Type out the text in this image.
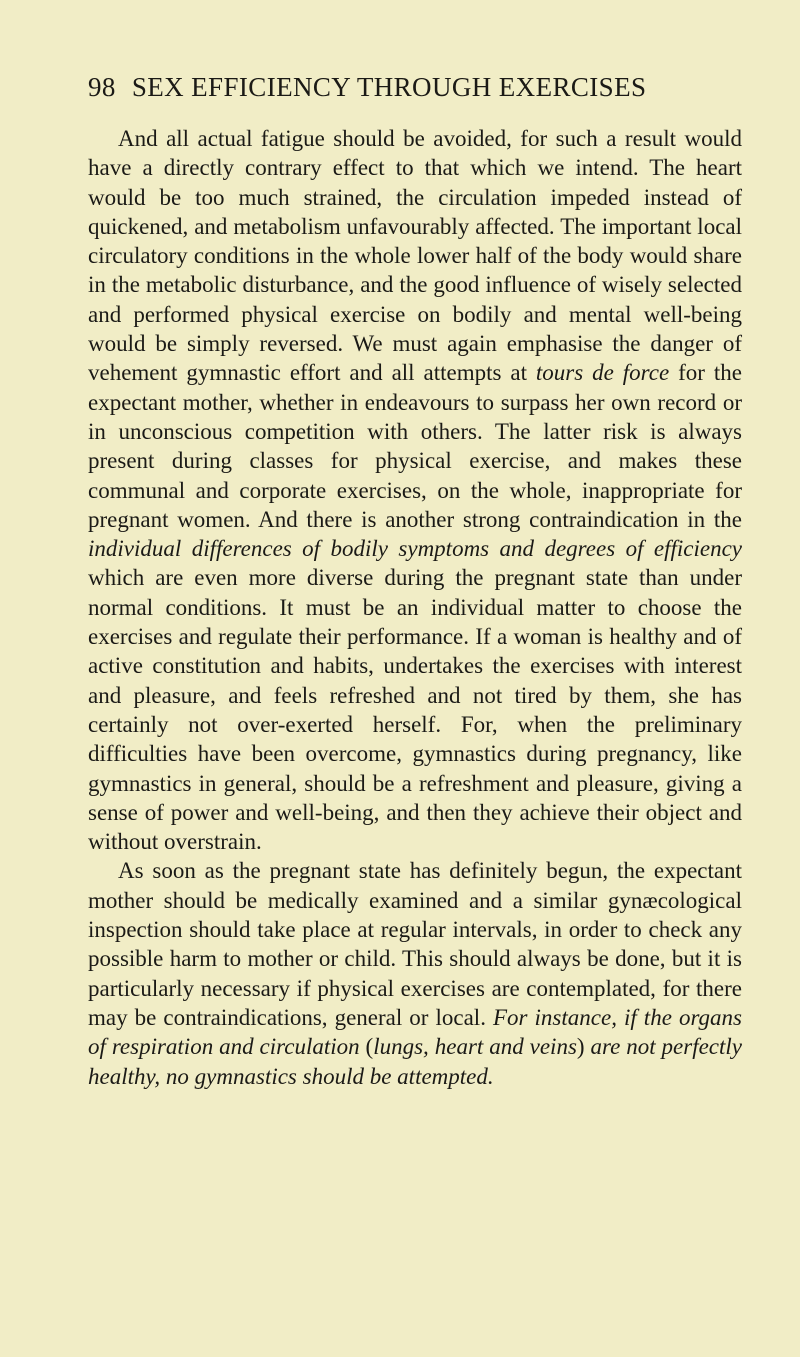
98 SEX EFFICIENCY THROUGH EXERCISES

And all actual fatigue should be avoided, for such a result would have a directly contrary effect to that which we intend. The heart would be too much strained, the circulation impeded instead of quickened, and metabolism unfavourably affected. The important local circulatory conditions in the whole lower half of the body would share in the metabolic disturbance, and the good influence of wisely selected and performed physical exercise on bodily and mental well-being would be simply reversed. We must again emphasise the danger of vehement gymnastic effort and all attempts at tours de force for the expectant mother, whether in endeavours to surpass her own record or in unconscious competition with others. The latter risk is always present during classes for physical exercise, and makes these communal and corporate exercises, on the whole, inappropriate for pregnant women. And there is another strong contraindication in the individual differences of bodily symptoms and degrees of efficiency which are even more diverse during the pregnant state than under normal conditions. It must be an individual matter to choose the exercises and regulate their performance. If a woman is healthy and of active constitution and habits, undertakes the exercises with interest and pleasure, and feels refreshed and not tired by them, she has certainly not over-exerted herself. For, when the preliminary difficulties have been overcome, gymnastics during pregnancy, like gymnastics in general, should be a refreshment and pleasure, giving a sense of power and well-being, and then they achieve their object and without overstrain.

As soon as the pregnant state has definitely begun, the expectant mother should be medically examined and a similar gynæcological inspection should take place at regular intervals, in order to check any possible harm to mother or child. This should always be done, but it is particularly necessary if physical exercises are contemplated, for there may be contraindications, general or local. For instance, if the organs of respiration and circulation (lungs, heart and veins) are not perfectly healthy, no gymnastics should be attempted.
